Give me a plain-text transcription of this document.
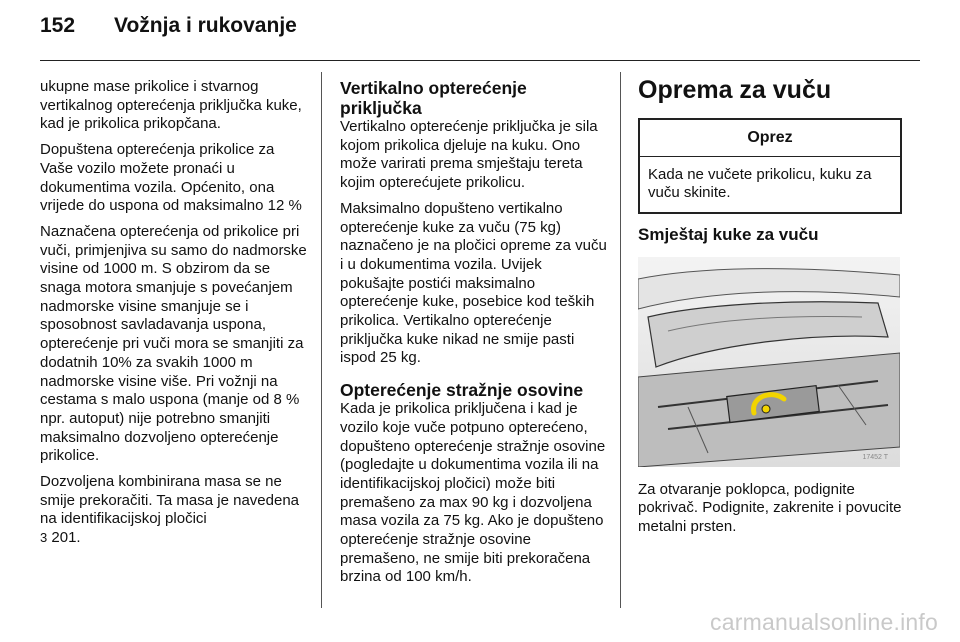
152	Vožnja i rukovanje

ukupne mase prikolice i stvarnog vertikalnog opterećenja priključka kuke, kad je prikolica prikopčana.

Dopuštena opterećenja prikolice za Vaše vozilo možete pronaći u dokumentima vozila. Općenito, ona vrijede do uspona od maksimalno 12 %

Naznačena opterećenja od prikolice pri vuči, primjenjiva su samo do nadmorske visine od 1000 m. S obzirom da se snaga motora smanjuje s povećanjem nadmorske visine smanjuje se i sposobnost savladavanja uspona, opterećenje pri vuči mora se smanjiti za dodatnih 10% za svakih 1000 m nadmorske visine više. Pri vožnji na cestama s malo uspona (manje od 8 % npr. autoput) nije potrebno smanjiti maksimalno dozvoljeno opterećenje prikolice.

Dozvoljena kombinirana masa se ne smije prekoračiti. Ta masa je navedena na identifikacijskoj pločici
3 201.

Vertikalno opterećenje priključka

Vertikalno opterećenje priključka je sila kojom prikolica djeluje na kuku. Ono može varirati prema smještaju tereta kojim opterećujete prikolicu.

Maksimalno dopušteno vertikalno opterećenje kuke za vuču (75 kg) naznačeno je na pločici opreme za vuču i u dokumentima vozila. Uvijek pokušajte postići maksimalno opterećenje kuke, posebice kod teških prikolica. Vertikalno opterećenje priključka kuke nikad ne smije pasti ispod 25 kg.

Opterećenje stražnje osovine

Kada je prikolica priključena i kad je vozilo koje vuče potpuno opterećeno, dopušteno opterećenje stražnje osovine (pogledajte u dokumentima vozila ili na identifikacijskoj pločici) može biti premašeno za max 90 kg i dozvoljena masa vozila za 75 kg. Ako je dopušteno opterećenje stražnje osovine premašeno, ne smije biti prekoračena brzina od 100 km/h.

Oprema za vuču
Oprez
Kada ne vučete prikolicu, kuku za vuču skinite.
Smještaj kuke za vuču
17452 T

Za otvaranje poklopca, podignite pokrivač. Podignite, zakrenite i povucite metalni prsten.

carmanualsonline.info
